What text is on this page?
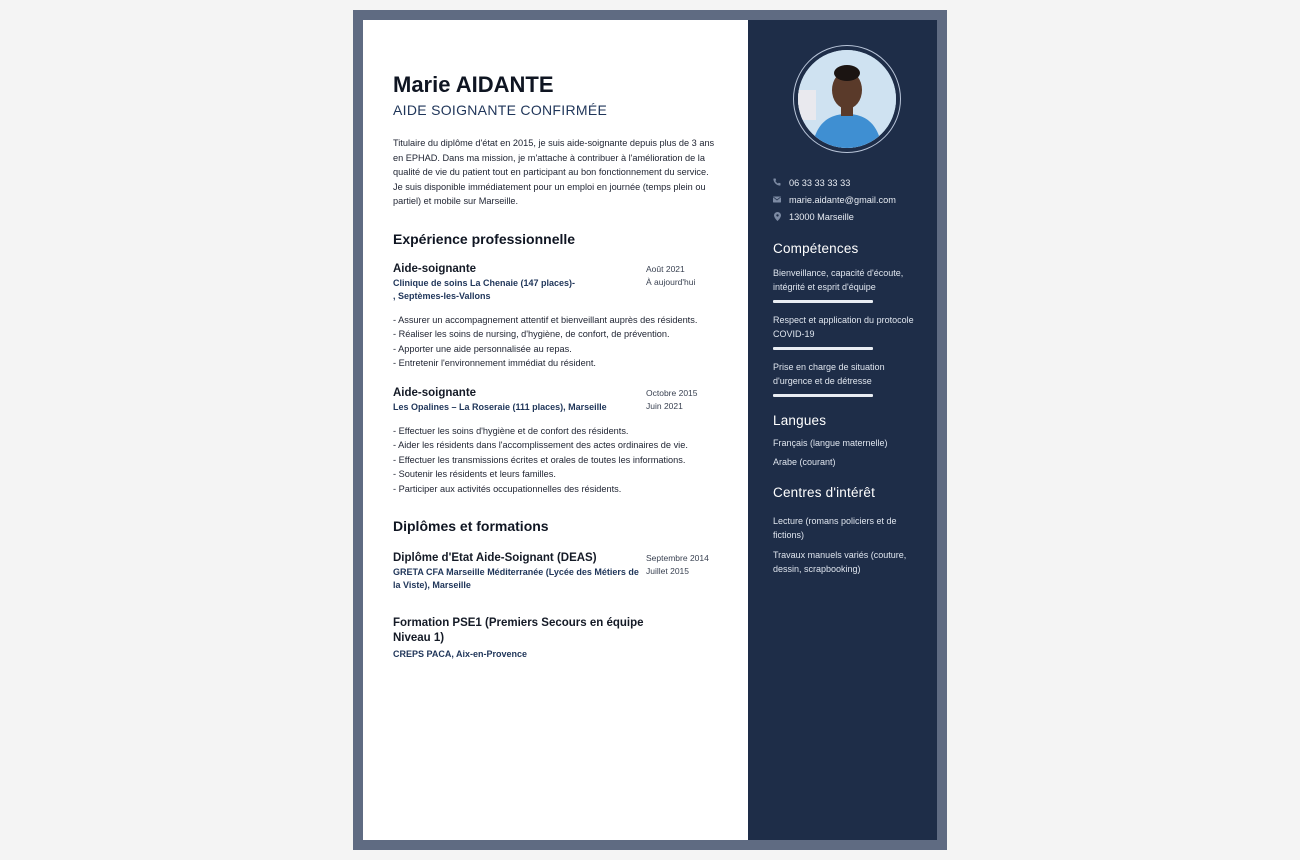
Marie AIDANTE
AIDE SOIGNANTE CONFIRMÉE
Titulaire du diplôme d'état en 2015, je suis aide-soignante depuis plus de 3 ans en EPHAD. Dans ma mission, je m'attache à contribuer à l'amélioration de la qualité de vie du patient tout en participant au bon fonctionnement du service. Je suis disponible immédiatement pour un emploi en journée (temps plein ou partiel) et mobile sur Marseille.
Expérience professionnelle
Aide-soignante
Clinique de soins La Chenaie (147 places)-
, Septèmes-les-Vallons
Août 2021
À aujourd'hui
- Assurer un accompagnement attentif et bienveillant auprès des résidents.
- Réaliser les soins de nursing, d'hygiène, de confort, de prévention.
- Apporter une aide personnalisée au repas.
- Entretenir l'environnement immédiat du résident.
Aide-soignante
Les Opalines – La Roseraie (111 places), Marseille
Octobre 2015
Juin 2021
- Effectuer les soins d'hygiène et de confort des résidents.
- Aider les résidents dans l'accomplissement des actes ordinaires de vie.
- Effectuer les transmissions écrites et orales de toutes les informations.
- Soutenir les résidents et leurs familles.
- Participer aux activités occupationnelles des résidents.
Diplômes et formations
Diplôme d'Etat Aide-Soignant (DEAS)
GRETA CFA Marseille Méditerranée (Lycée des Métiers de la Viste), Marseille
Septembre 2014
Juillet 2015
Formation PSE1 (Premiers Secours en équipe Niveau 1)
CREPS PACA, Aix-en-Provence
06 33 33 33 33
marie.aidante@gmail.com
13000 Marseille
Compétences
Bienveillance, capacité d'écoute, intégrité et esprit d'équipe
Respect et application du protocole COVID-19
Prise en charge de situation d'urgence et de détresse
Langues
Français (langue maternelle)
Arabe (courant)
Centres d'intérêt
Lecture (romans policiers et de fictions)
Travaux manuels variés (couture, dessin, scrapbooking)
